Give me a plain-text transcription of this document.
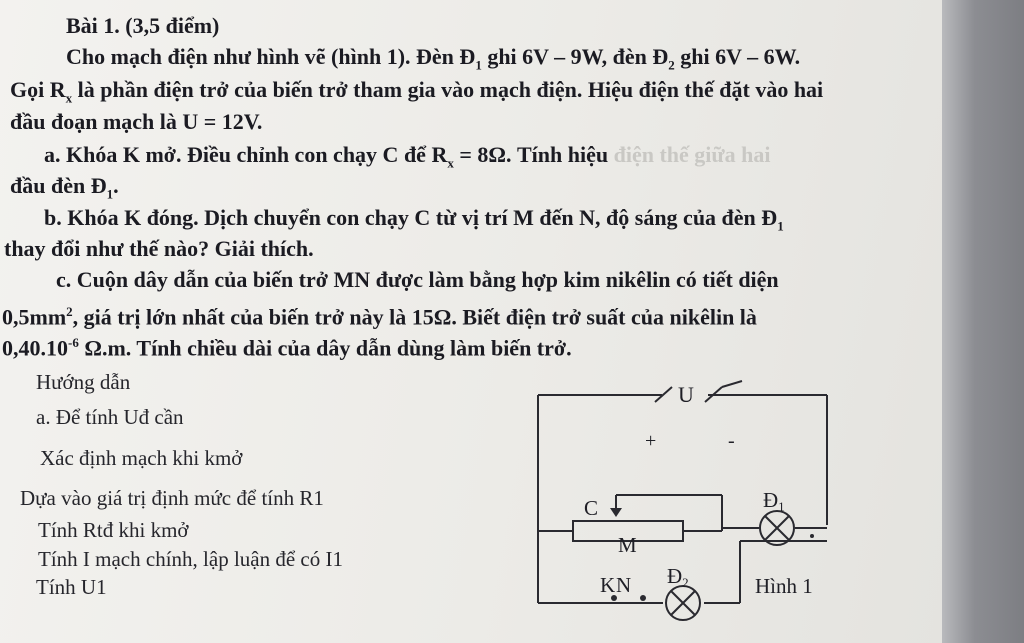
Bài 1. (3,5 điểm)
Cho mạch điện như hình vẽ (hình 1). Đèn $Đ_1$ ghi 6V – 9W, đèn $Đ_2$ ghi 6V – 6W.
Gọi $R_x$ là phần điện trở của biến trở tham gia vào mạch điện. Hiệu điện thế đặt vào hai
đầu đoạn mạch là U = 12V.
a. Khóa K mở. Điều chỉnh con chạy C để $R_x = 8\Omega$. Tính hiệu điện thế giữa hai
đầu đèn $Đ_1$.
b. Khóa K đóng. Dịch chuyển con chạy C từ vị trí M đến N, độ sáng của đèn $Đ_1$
thay đổi như thế nào? Giải thích.
c. Cuộn dây dẫn của biến trở MN được làm bằng hợp kim nikêlin có tiết diện
$0,5mm^2$, giá trị lớn nhất của biến trở này là 15Ω. Biết điện trở suất của nikêlin là
$0,40.10^{-6}$ Ω.m. Tính chiều dài của dây dẫn dùng làm biến trở.
Hướng dẫn
a. Để tính Uđ cần
Xác định mạch khi kmở
Dựa vào giá trị định mức để tính R1
Tính Rtđ khi kmở
Tính I mạch chính, lập luận để có I1
Tính U1
U
+	-
C	Đ1
M
K N Đ2	Hình 1
